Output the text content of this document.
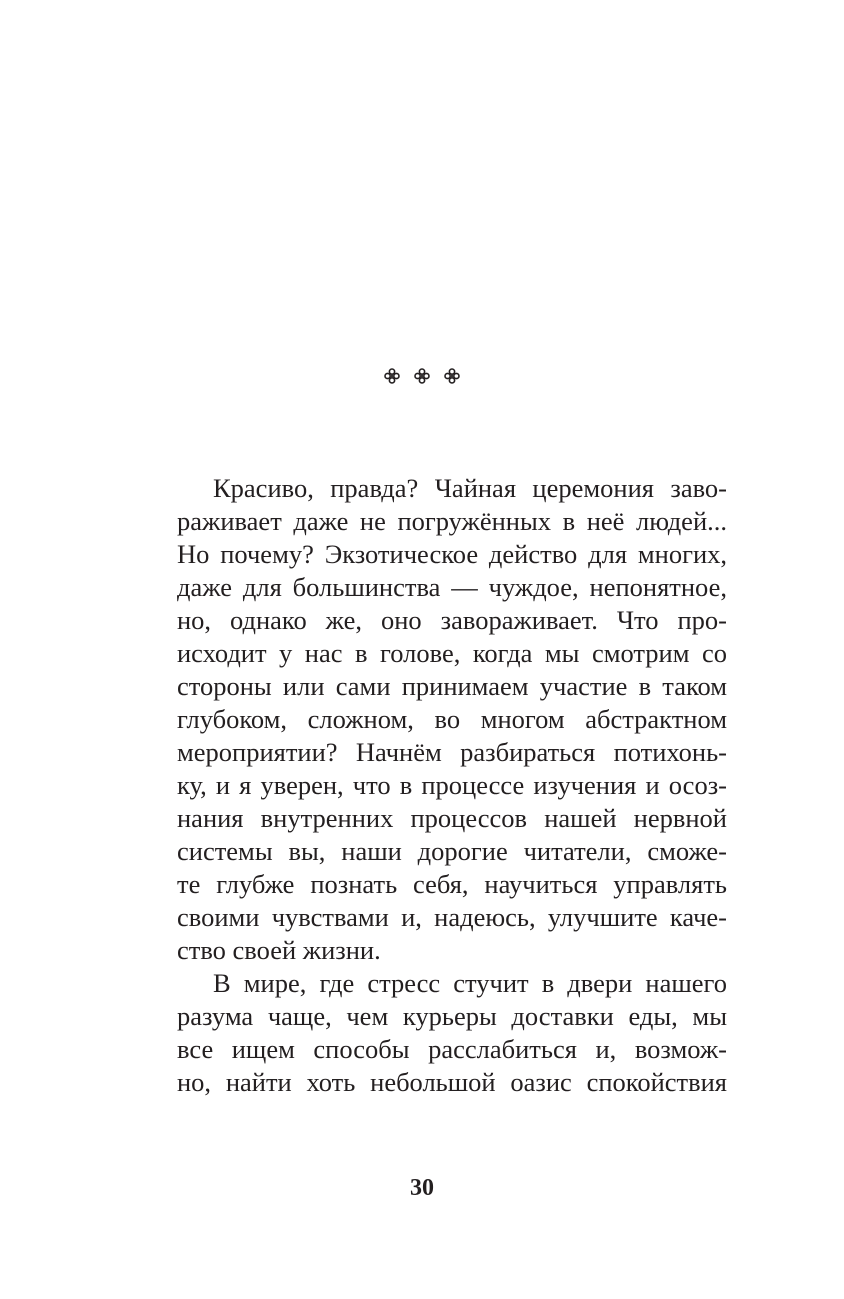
Красиво, правда? Чайная церемония заво-
раживает даже не погружённых в неё людей...
Но почему? Экзотическое действо для многих,
даже для большинства — чуждое, непонятное,
но, однако же, оно завораживает. Что про-
исходит у нас в голове, когда мы смотрим со
стороны или сами принимаем участие в таком
глубоком, сложном, во многом абстрактном
мероприятии? Начнём разбираться потихонь-
ку, и я уверен, что в процессе изучения и осоз-
нания внутренних процессов нашей нервной
системы вы, наши дорогие читатели, сможе-
те глубже познать себя, научиться управлять
своими чувствами и, надеюсь, улучшите каче-
ство своей жизни.
В мире, где стресс стучит в двери нашего
разума чаще, чем курьеры доставки еды, мы
все ищем способы расслабиться и, возмож-
но, найти хоть небольшой оазис спокойствия
30
